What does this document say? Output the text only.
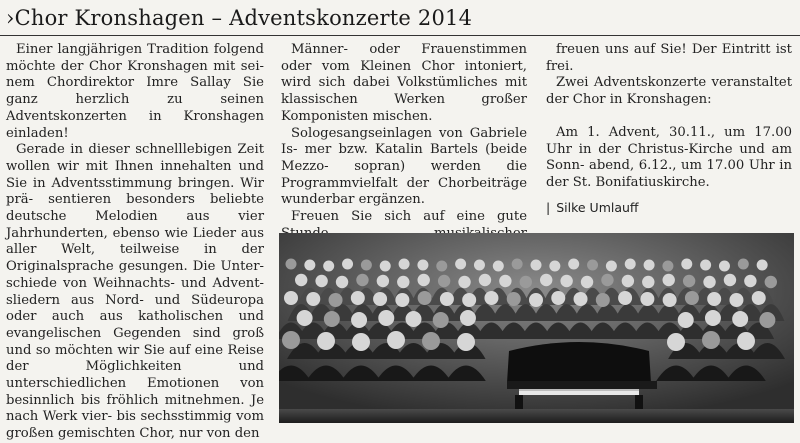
›Chor Kronshagen – Adventskonzerte 2014

Einer langjährigen Tradition folgend möchte der Chor Kronshagen mit sei- nem Chordirektor Imre Sallay Sie ganz herzlich zu seinen Adventskonzerten in Kronshagen einladen!

Gerade in dieser schnelllebigen Zeit wollen wir mit Ihnen innehalten und Sie in Adventsstimmung bringen. Wir prä- sentieren besonders beliebte deutsche Melodien aus vier Jahrhunderten, ebenso wie Lieder aus aller Welt, teilweise in der Originalsprache gesungen. Die Unter- schiede von Weihnachts- und Advent- sliedern aus Nord- und Südeuropa oder auch aus katholischen und evangelischen Gegenden sind groß und so möchten wir Sie auf eine Reise der Möglichkeiten und unterschiedlichen Emotionen von besinnlich bis fröhlich mitnehmen. Je nach Werk vier- bis sechsstimmig vom großen gemischten Chor, nur von den

Männer- oder Frauenstimmen oder vom Kleinen Chor intoniert, wird sich dabei Volkstümliches mit klassischen Werken großer Komponisten mischen.

Sologesangseinlagen von Gabriele Is- mer bzw. Katalin Bartels (beide Mezzo- sopran) werden die Programmvielfalt der Chorbeiträge wunderbar ergänzen.

Freuen Sie sich auf eine gute

freuen uns auf Sie! Der Eintritt ist frei.

Zwei Adventskonzerte veranstaltet der Chor in Kronshagen:

Am 1. Advent, 30.11., um 17.00 Uhr in der Christus-Kirche und am Sonn- abend, 6.12., um 17.00 Uhr in der St. Bonifatiuskirche.

| Silke Umlauff
